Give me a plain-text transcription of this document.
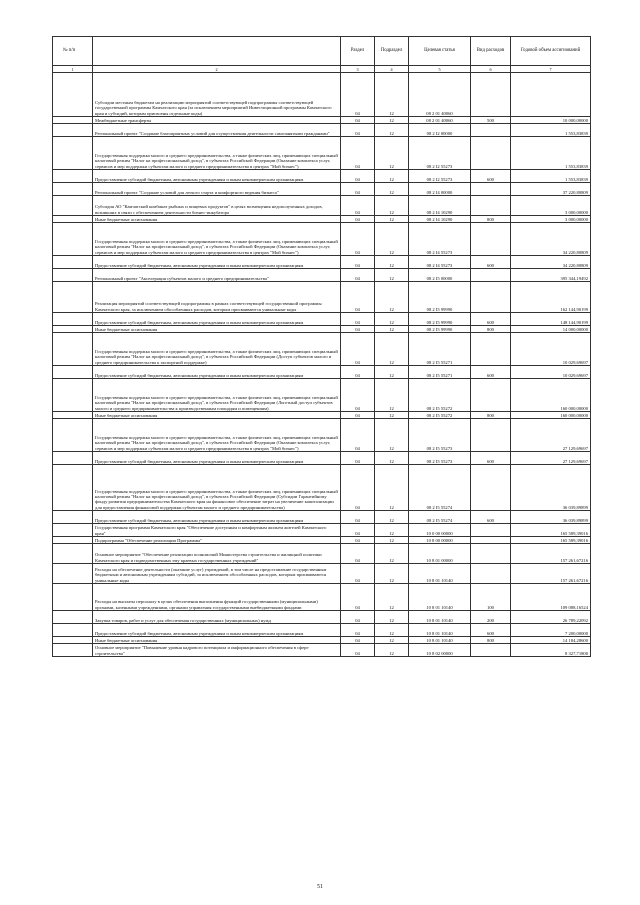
№ п/п		Раздел	Подраздел	Целевая статья	Вид расходов	Годовой объем ассигнований
1	2	3	4	5	6	7
	Субсидии местным бюджетам на реализацию мероприятий соответствующей подпрограммы соответствующей государственной программы Камчатского края (за исключением мероприятий Инвестиционной программы Камчатского края и субсидий, которым присвоены отдельные коды)	04	12	08 2 01 40060		
	Межбюджетные трансферты	04	12	08 2 01 40060	500	10 000,00000
	Региональный проект "Создание благоприятных условий для осуществления деятельности самозанятыми гражданами"	04	12	08 2 I2 00000		1 553,83839
	Государственная поддержка малого и среднего предпринимательства, а также физических лиц, применяющих специальный налоговый режим "Налог на профессиональный доход", в субъектах Российской Федерации (Оказание комплекса услуг, сервисов и мер поддержки субъектам малого и среднего предпринимательства в центрах "Мой бизнес")	04	12	08 2 I2 55273		1 553,83839
	Предоставление субсидий бюджетным, автономным учреждениям и иным некоммерческим организациям	04	12	08 2 I2 55273	600	1 553,83839
	Региональный проект "Создание условий для легкого старта и комфортного ведения бизнеса"	04	12	08 2 I4 00000		37 220,80809
	Субсидия АО "Камчатский комбинат рыбных и пищевых продуктов" в целях возмещения недополученных доходов, возникших в связи с обеспечением деятельности бизнес-инкубатора	04	12	08 2 I4 10290		3 000,00000
	Иные бюджетные ассигнования	04	12	08 2 I4 10290	800	3 000,00000
	Государственная поддержка малого и среднего предпринимательства, а также физических лиц, применяющих специальный налоговый режим "Налог на профессиональный доход", в субъектах Российской Федерации (Оказание комплекса услуг, сервисов и мер поддержки субъектам малого и среднего предпринимательства в центрах "Мой бизнес")	04	12	08 2 I4 55273		34 220,80809
	Предоставление субсидий бюджетным, автономным учреждениям и иным некоммерческим организациям	04	12	08 2 I4 55273	600	34 220,80809
	Региональный проект "Акселерация субъектов малого и среднего предпринимательства"	04	12	08 2 I5 00000		395 344,19492
	Реализация мероприятий соответствующей подпрограммы в рамках соответствующей государственной программы Камчатского края, за исключением обособленных расходов, которым присваиваются уникальные коды	04	12	08 2 I5 99990		162 144,90199
	Предоставление субсидий бюджетным, автономным учреждениям и иным некоммерческим организациям	04	12	08 2 I5 99990	600	148 144,90199
	Иные бюджетные ассигнования	04	12	08 2 I5 99990	800	14 000,00000
	Государственная поддержка малого и среднего предпринимательства, а также физических лиц, применяющих специальный налоговый режим "Налог на профессиональный доход", в субъектах Российской Федерации (Доступ субъектов малого и среднего предпринимательства к экспортной поддержке)	04	12	08 2 I5 55271		10 029,69697
	Предоставление субсидий бюджетным, автономным учреждениям и иным некоммерческим организациям	04	12	08 2 I5 55271	600	10 029,69697
	Государственная поддержка малого и среднего предпринимательства, а также физических лиц, применяющих специальный налоговый режим "Налог на профессиональный доход", в субъектах Российской Федерации (Льготный доступ субъектов малого и среднего предпринимательства к производственным площадям и помещениям)	04	12	08 2 I5 55272		160 000,00000
	Иные бюджетные ассигнования	04	12	08 2 I5 55272	800	160 000,00000
	Государственная поддержка малого и среднего предпринимательства, а также физических лиц, применяющих специальный налоговый режим "Налог на профессиональный доход", в субъектах Российской Федерации (Оказание комплекса услуг, сервисов и мер поддержки субъектам малого и среднего предпринимательства в центрах "Мой бизнес")	04	12	08 2 I5 55273		27 129,69697
	Предоставление субсидий бюджетным, автономным учреждениям и иным некоммерческим организациям	04	12	08 2 I5 55273	600	27 129,69697
	Государственная поддержка малого и среднего предпринимательства, а также физических лиц, применяющих специальный налоговый режим "Налог на профессиональный доход", в субъектах Российской Федерации (Субсидии Гарантийному фонду развития предпринимательства Камчатского края на финансовое обеспечение затрат на увеличение капитализации для предоставления финансовой поддержки субъектам малого и среднего предпринимательства)	04	12	08 2 I5 55274		36 039,89899
	Предоставление субсидий бюджетным, автономным учреждениям и иным некоммерческим организациям	04	12	08 2 I5 55274	600	36 039,89899
	Государственная программа Камчатского края "Обеспечение доступным и комфортным жильем жителей Камчатского края"	04	12	10 0 00 00000		165 589,39016
	Подпрограмма "Обеспечение реализации Программы"	04	12	10 8 00 00000		165 589,39016
	Основное мероприятие "Обеспечение реализации полномочий Министерства строительства и жилищной политики Камчатского края и подведомственных ему краевых государственных учреждений"	04	12	10 8 01 00000		157 261,67216
	Расходы на обеспечение деятельности (оказание услуг) учреждений, в том числе на предоставление государственным бюджетным и автономным учреждениям субсидий, за исключением обособленных расходов, которым присваиваются уникальные коды	04	12	10 8 01 10140		157 261,67216
	Расходы на выплаты персоналу в целях обеспечения выполнения функций государственными (муниципальными) органами, казенными учреждениями, органами управления государственными внебюджетными фондами	04	12	10 8 01 10140	100	109 088,16524
	Закупка товаров, работ и услуг для обеспечения государственных (муниципальных) нужд	04	12	10 8 01 10140	200	26 789,22092
	Предоставление субсидий бюджетным, автономным учреждениям и иным некоммерческим организациям	04	12	10 8 01 10140	600	7 200,00000
	Иные бюджетные ассигнования	04	12	10 8 01 10140	800	14 184,28600
	Основное мероприятие "Повышение уровня кадрового потенциала и информационного обеспечения в сфере строительства"	04	12	10 8 02 00000		8 327,71800
51
